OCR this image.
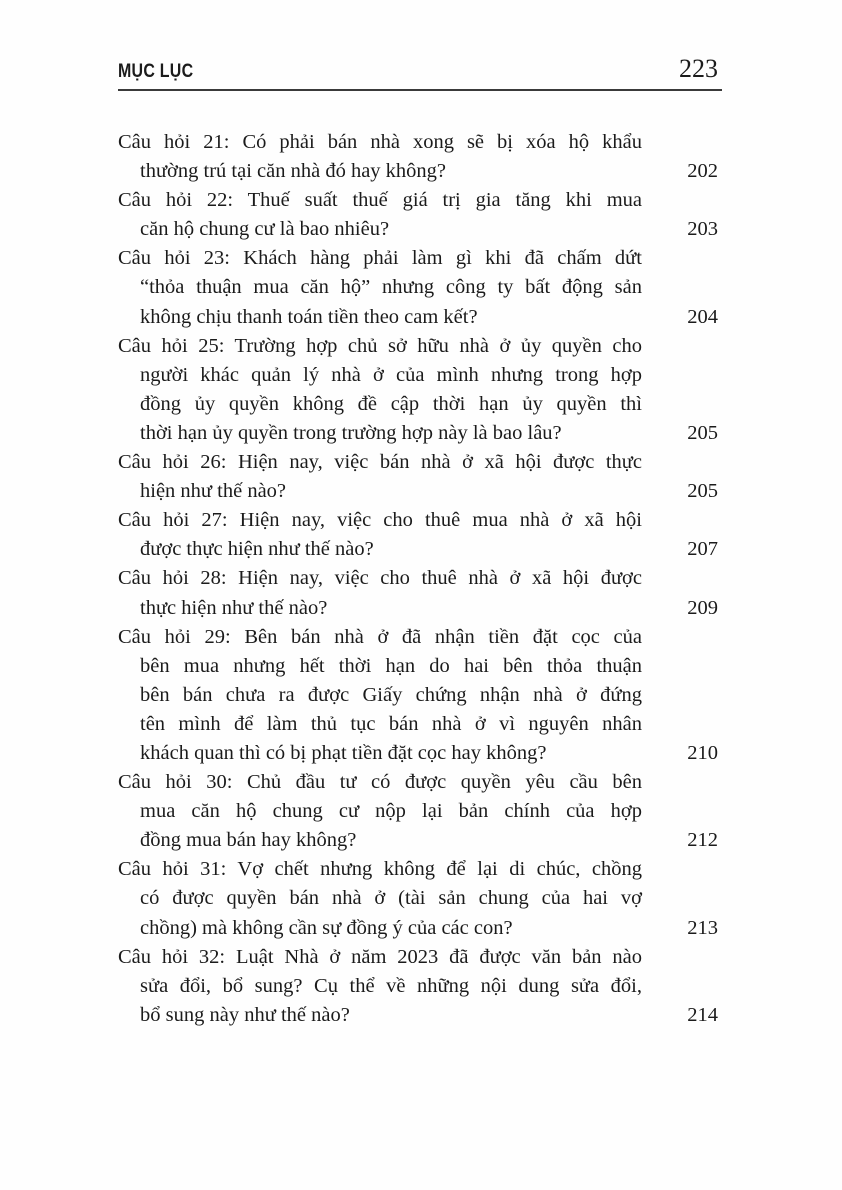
MỤC LỤC	223
Câu hỏi 21: Có phải bán nhà xong sẽ bị xóa hộ khẩu
thường trú tại căn nhà đó hay không?	202
Câu hỏi 22: Thuế suất thuế giá trị gia tăng khi mua
căn hộ chung cư là bao nhiêu?	203
Câu hỏi 23: Khách hàng phải làm gì khi đã chấm dứt
“thỏa thuận mua căn hộ” nhưng công ty bất động sản
không chịu thanh toán tiền theo cam kết?	204
Câu hỏi 25: Trường hợp chủ sở hữu nhà ở ủy quyền cho
người khác quản lý nhà ở của mình nhưng trong hợp
đồng ủy quyền không đề cập thời hạn ủy quyền thì
thời hạn ủy quyền trong trường hợp này là bao lâu?	205
Câu hỏi 26: Hiện nay, việc bán nhà ở xã hội được thực
hiện như thế nào?	205
Câu hỏi 27: Hiện nay, việc cho thuê mua nhà ở xã hội
được thực hiện như thế nào?	207
Câu hỏi 28: Hiện nay, việc cho thuê nhà ở xã hội được
thực hiện như thế nào?	209
Câu hỏi 29: Bên bán nhà ở đã nhận tiền đặt cọc của
bên mua nhưng hết thời hạn do hai bên thỏa thuận
bên bán chưa ra được Giấy chứng nhận nhà ở đứng
tên mình để làm thủ tục bán nhà ở vì nguyên nhân
khách quan thì có bị phạt tiền đặt cọc hay không?	210
Câu hỏi 30: Chủ đầu tư có được quyền yêu cầu bên
mua căn hộ chung cư nộp lại bản chính của hợp
đồng mua bán hay không?	212
Câu hỏi 31: Vợ chết nhưng không để lại di chúc, chồng
có được quyền bán nhà ở (tài sản chung của hai vợ
chồng) mà không cần sự đồng ý của các con?	213
Câu hỏi 32: Luật Nhà ở năm 2023 đã được văn bản nào
sửa đổi, bổ sung? Cụ thể về những nội dung sửa đổi,
bổ sung này như thế nào?	214
